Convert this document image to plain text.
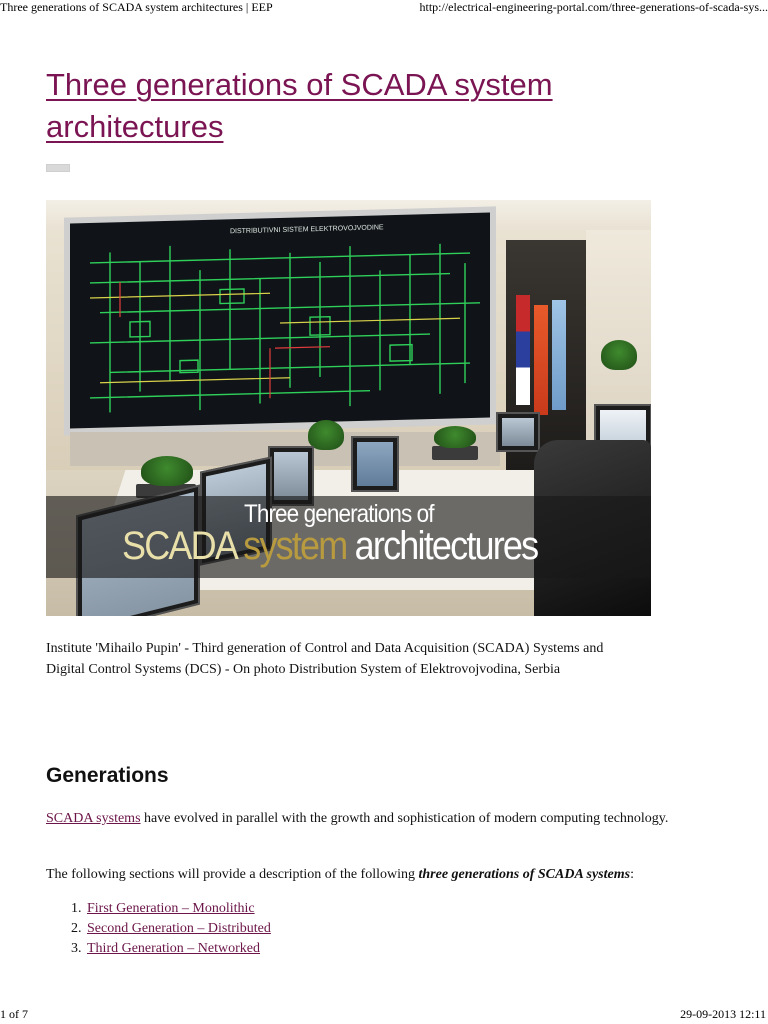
Three generations of SCADA system architectures | EEP	http://electrical-engineering-portal.com/three-generations-of-scada-sys...
Three generations of SCADA system architectures
DISTRIBUTIVNI SISTEM ELEKTROVOJVODINE
Three generations of
SCADA system architectures

Institute 'Mihailo Pupin' - Third generation of Control and Data Acquisition (SCADA) Systems and Digital Control Systems (DCS) - On photo Distribution System of Elektrovojvodina, Serbia

Generations

SCADA systems have evolved in parallel with the growth and sophistication of modern computing technology.

The following sections will provide a description of the following three generations of SCADA systems:

1. First Generation – Monolithic
2. Second Generation – Distributed
3. Third Generation – Networked
1 of 7	29-09-2013 12:11
